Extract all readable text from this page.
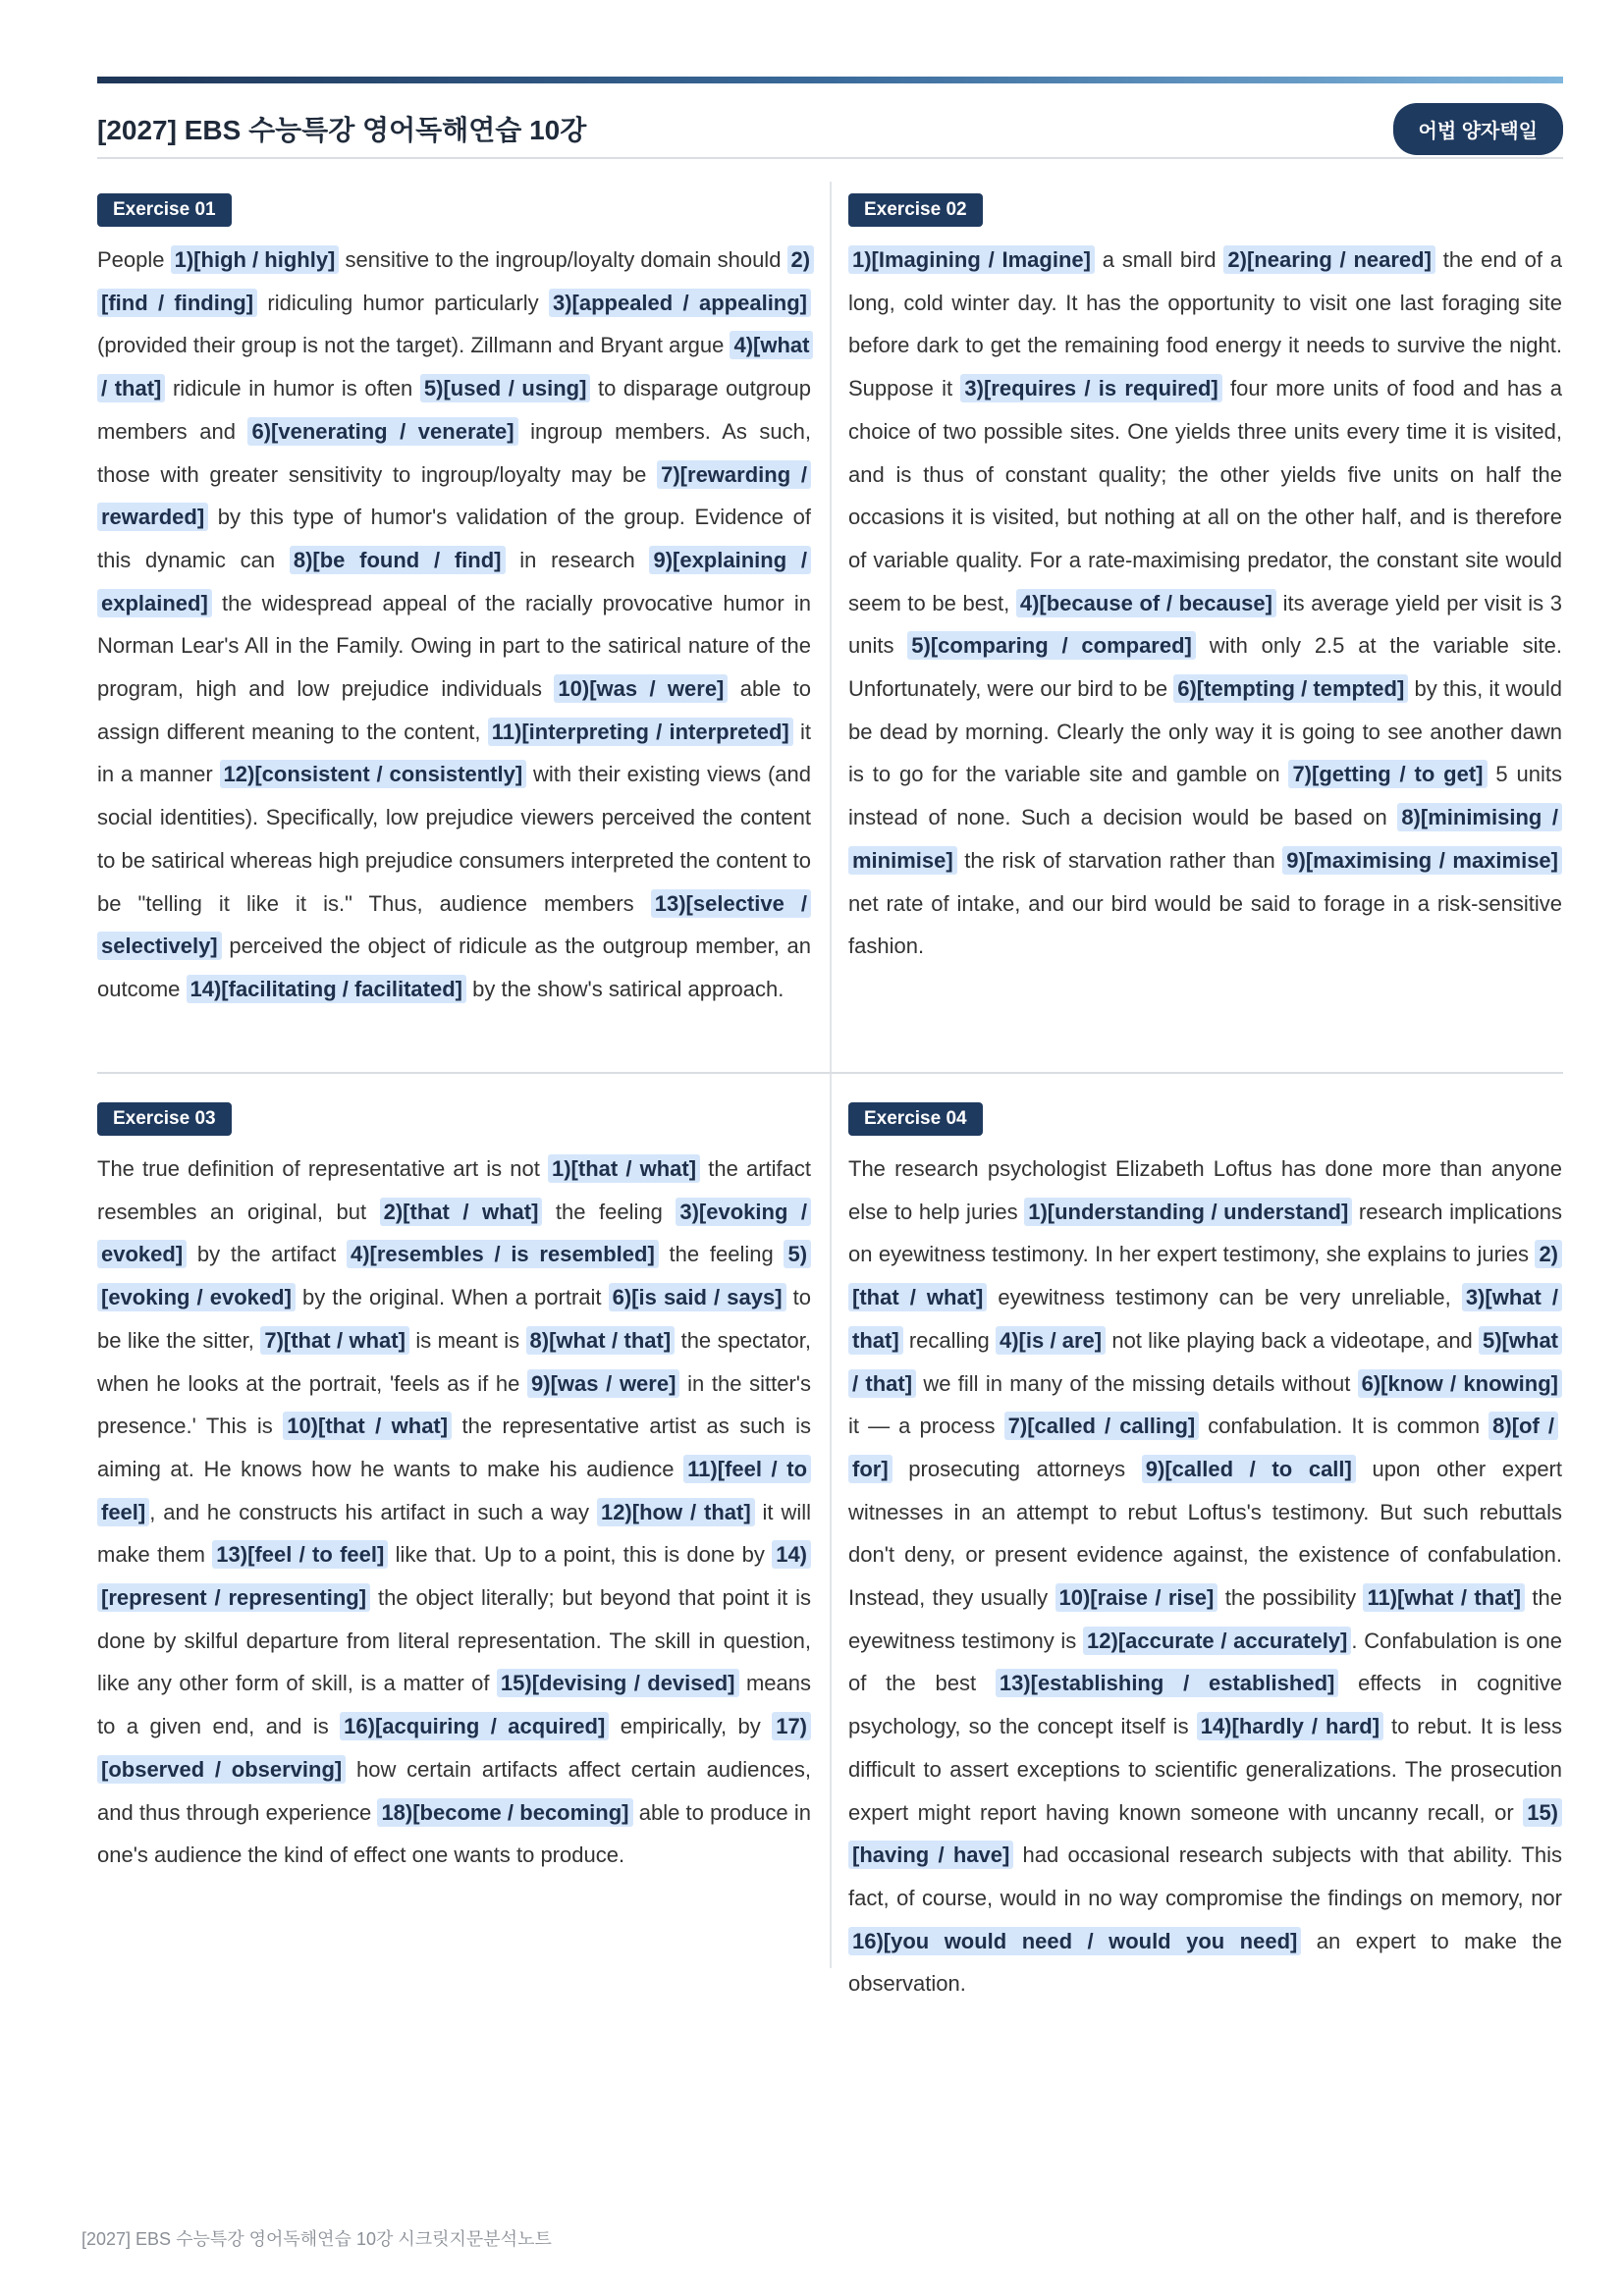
[2027] EBS 수능특강 영어독해연습 10강	어법 양자택일
Exercise 01
People 1)[high / highly] sensitive to the ingroup/loyalty domain should 2)[find / finding] ridiculing humor particularly 3)[appealed / appealing] (provided their group is not the target). Zillmann and Bryant argue 4)[what / that] ridicule in humor is often 5)[used / using] to disparage outgroup members and 6)[venerating / venerate] ingroup members. As such, those with greater sensitivity to ingroup/loyalty may be 7)[rewarding / rewarded] by this type of humor's validation of the group. Evidence of this dynamic can 8)[be found / find] in research 9)[explaining / explained] the widespread appeal of the racially provocative humor in Norman Lear's All in the Family. Owing in part to the satirical nature of the program, high and low prejudice individuals 10)[was / were] able to assign different meaning to the content, 11)[interpreting / interpreted] it in a manner 12)[consistent / consistently] with their existing views (and social identities). Specifically, low prejudice viewers perceived the content to be satirical whereas high prejudice consumers interpreted the content to be "telling it like it is." Thus, audience members 13)[selective / selectively] perceived the object of ridicule as the outgroup member, an outcome 14)[facilitating / facilitated] by the show's satirical approach.
Exercise 02
1)[Imagining / Imagine] a small bird 2)[nearing / neared] the end of a long, cold winter day. It has the opportunity to visit one last foraging site before dark to get the remaining food energy it needs to survive the night. Suppose it 3)[requires / is required] four more units of food and has a choice of two possible sites. One yields three units every time it is visited, and is thus of constant quality; the other yields five units on half the occasions it is visited, but nothing at all on the other half, and is therefore of variable quality. For a rate-maximising predator, the constant site would seem to be best, 4)[because of / because] its average yield per visit is 3 units 5)[comparing / compared] with only 2.5 at the variable site. Unfortunately, were our bird to be 6)[tempting / tempted] by this, it would be dead by morning. Clearly the only way it is going to see another dawn is to go for the variable site and gamble on 7)[getting / to get] 5 units instead of none. Such a decision would be based on 8)[minimising / minimise] the risk of starvation rather than 9)[maximising / maximise] net rate of intake, and our bird would be said to forage in a risk-sensitive fashion.
Exercise 03
The true definition of representative art is not 1)[that / what] the artifact resembles an original, but 2)[that / what] the feeling 3)[evoking / evoked] by the artifact 4)[resembles / is resembled] the feeling 5)[evoking / evoked] by the original. When a portrait 6)[is said / says] to be like the sitter, 7)[that / what] is meant is 8)[what / that] the spectator, when he looks at the portrait, 'feels as if he 9)[was / were] in the sitter's presence.' This is 10)[that / what] the representative artist as such is aiming at. He knows how he wants to make his audience 11)[feel / to feel] , and he constructs his artifact in such a way 12)[how / that] it will make them 13)[feel / to feel] like that. Up to a point, this is done by 14)[represent / representing] the object literally; but beyond that point it is done by skilful departure from literal representation. The skill in question, like any other form of skill, is a matter of 15)[devising / devised] means to a given end, and is 16)[acquiring / acquired] empirically, by 17)[observed / observing] how certain artifacts affect certain audiences, and thus through experience 18)[become / becoming] able to produce in one's audience the kind of effect one wants to produce.
Exercise 04
The research psychologist Elizabeth Loftus has done more than anyone else to help juries 1)[understanding / understand] research implications on eyewitness testimony. In her expert testimony, she explains to juries 2)[that / what] eyewitness testimony can be very unreliable, 3)[what / that] recalling 4)[is / are] not like playing back a videotape, and 5)[what / that] we fill in many of the missing details without 6)[know / knowing] it — a process 7)[called / calling] confabulation. It is common 8)[of / for] prosecuting attorneys 9)[called / to call] upon other expert witnesses in an attempt to rebut Loftus's testimony. But such rebuttals don't deny, or present evidence against, the existence of confabulation. Instead, they usually 10)[raise / rise] the possibility 11)[what / that] the eyewitness testimony is 12)[accurate / accurately] . Confabulation is one of the best 13)[establishing / established] effects in cognitive psychology, so the concept itself is 14)[hardly / hard] to rebut. It is less difficult to assert exceptions to scientific generalizations. The prosecution expert might report having known someone with uncanny recall, or 15)[having / have] had occasional research subjects with that ability. This fact, of course, would in no way compromise the findings on memory, nor 16)[you would need / would you need] an expert to make the observation.
[2027] EBS 수능특강 영어독해연습 10강 시크릿지문분석노트
